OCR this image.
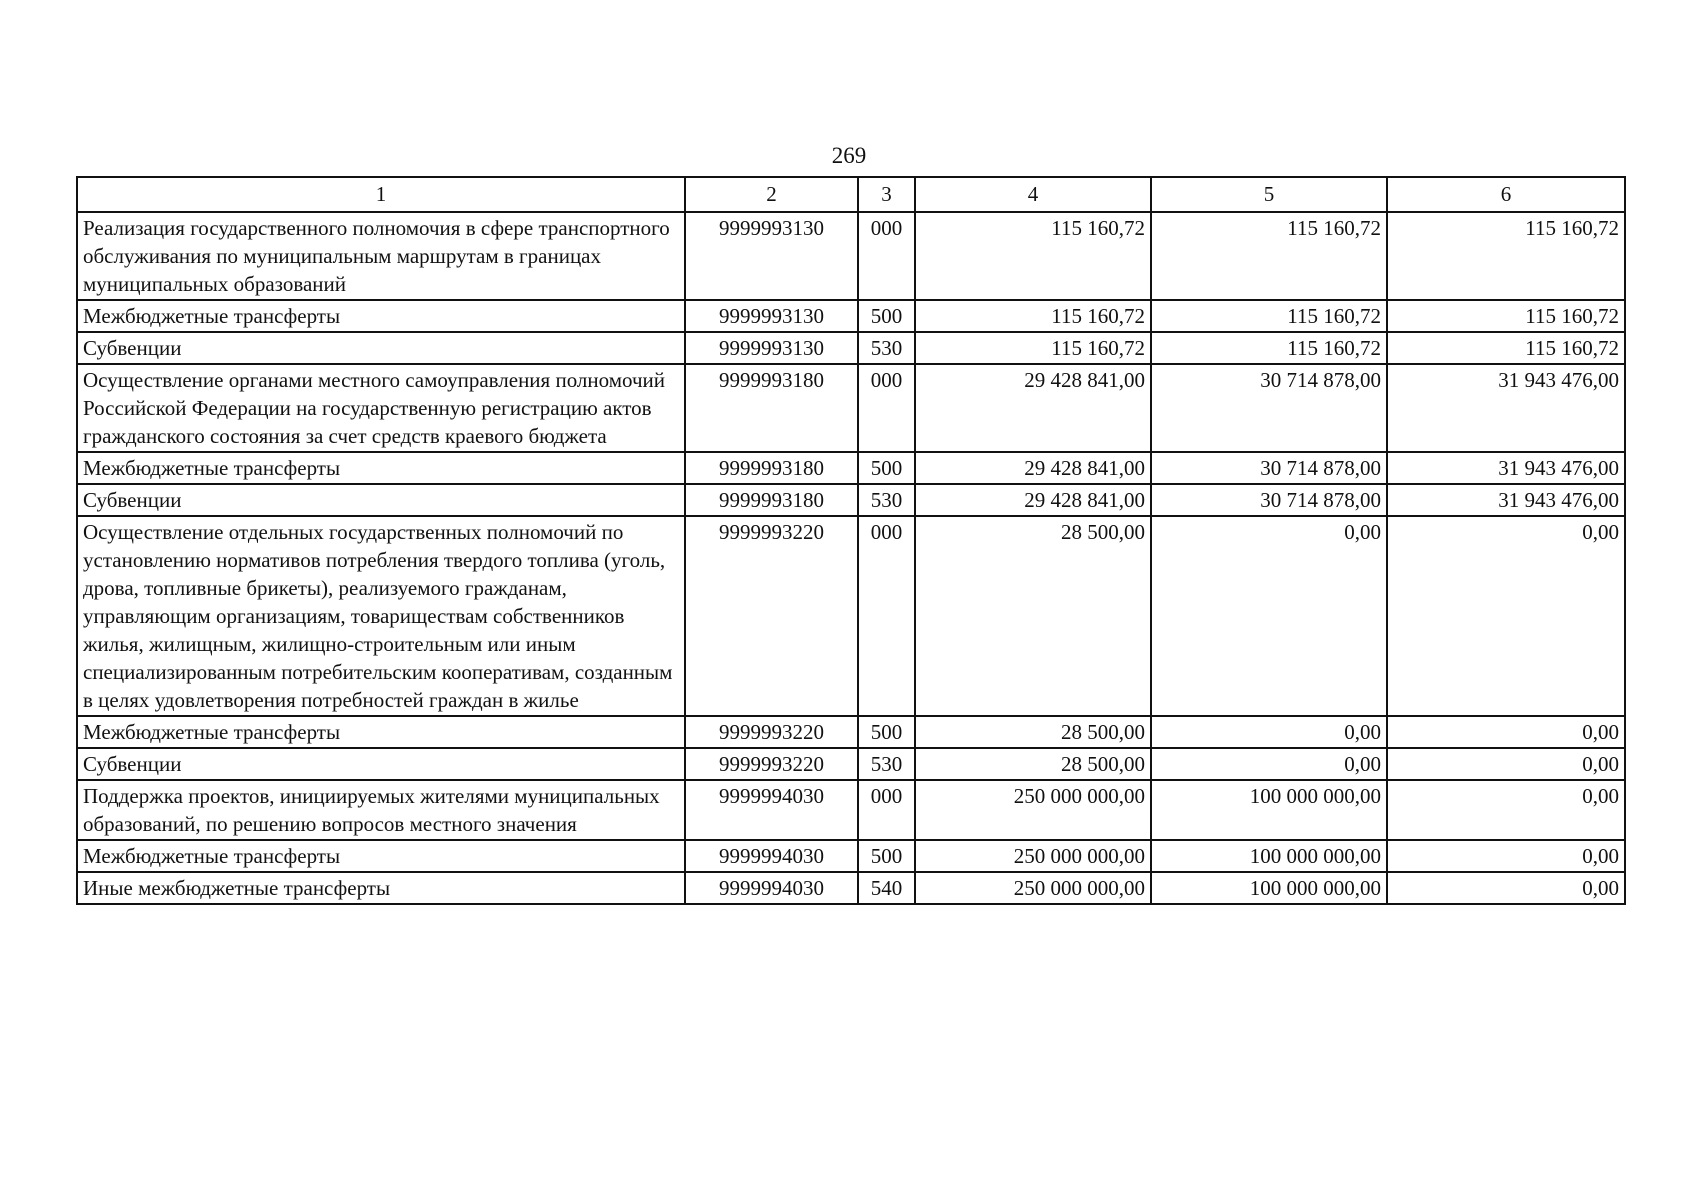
269
1	2	3	4	5	6
Реализация государственного полномочия в сфере транспортного обслуживания по муниципальным маршрутам в границах муниципальных образований	9999993130	000	115 160,72	115 160,72	115 160,72
Межбюджетные трансферты	9999993130	500	115 160,72	115 160,72	115 160,72
Субвенции	9999993130	530	115 160,72	115 160,72	115 160,72
Осуществление органами местного самоуправления полномочий Российской Федерации на государственную регистрацию актов гражданского состояния за счет средств краевого бюджета	9999993180	000	29 428 841,00	30 714 878,00	31 943 476,00
Межбюджетные трансферты	9999993180	500	29 428 841,00	30 714 878,00	31 943 476,00
Субвенции	9999993180	530	29 428 841,00	30 714 878,00	31 943 476,00
Осуществление отдельных государственных полномочий по установлению нормативов потребления твердого топлива (уголь, дрова, топливные брикеты), реализуемого гражданам, управляющим организациям, товариществам собственников жилья, жилищным, жилищно-строительным или иным специализированным потребительским кооперативам, созданным в целях удовлетворения потребностей граждан в жилье	9999993220	000	28 500,00	0,00	0,00
Межбюджетные трансферты	9999993220	500	28 500,00	0,00	0,00
Субвенции	9999993220	530	28 500,00	0,00	0,00
Поддержка проектов, инициируемых жителями муниципальных образований, по решению вопросов местного значения	9999994030	000	250 000 000,00	100 000 000,00	0,00
Межбюджетные трансферты	9999994030	500	250 000 000,00	100 000 000,00	0,00
Иные межбюджетные трансферты	9999994030	540	250 000 000,00	100 000 000,00	0,00
